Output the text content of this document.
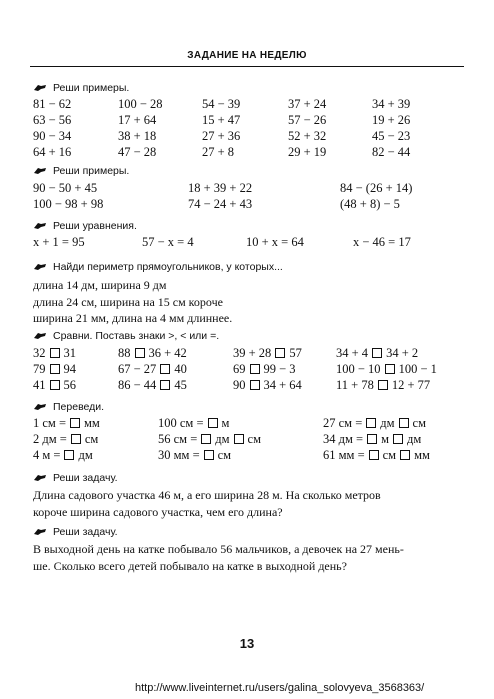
ЗАДАНИЕ НА НЕДЕЛЮ
Реши примеры.
81 − 62	100 − 28	54 − 39	37 + 24	34 + 39
63 − 56	17 + 64	15 + 47	57 − 26	19 + 26
90 − 34	38 + 18	27 + 36	52 + 32	45 − 23
64 + 16	47 − 28	27 + 8	29 + 19	82 − 44
Реши примеры.
90 − 50 + 45	18 + 39 + 22	84 − (26 + 14)
100 − 98 + 98	74 − 24 + 43	(48 + 8) − 5
Реши уравнения.
x + 1 = 95	57 − x = 4	10 + x = 64	x − 46 = 17
Найди периметр прямоугольников, у которых...
длина 14 дм, ширина 9 дм
длина 24 см, ширина на 15 см короче
ширина 21 мм, длина на 4 мм длиннее.
Сравни. Поставь знаки >, < или =.
32 31	88 36 + 42	39 + 28 57	34 + 4 34 + 2
79 94	67 − 27 40	69 99 − 3	100 − 10 100 − 1
41 56	86 − 44 45	90 34 + 64	11 + 78 12 + 77
Переведи.
1 см = мм	100 см = м	27 см = дм см
2 дм = см	56 см = дм см	34 дм = м дм
4 м = дм	30 мм = см	61 мм = см мм
Реши задачу.
Длина садового участка 46 м, а его ширина 28 м. На сколько метров
короче ширина садового участка, чем его длина?
Реши задачу.
В выходной день на катке побывало 56 мальчиков, а девочек на 27 мень-
ше. Сколько всего детей побывало на катке в выходной день?
13
http://www.liveinternet.ru/users/galina_solovyeva_3568363/
